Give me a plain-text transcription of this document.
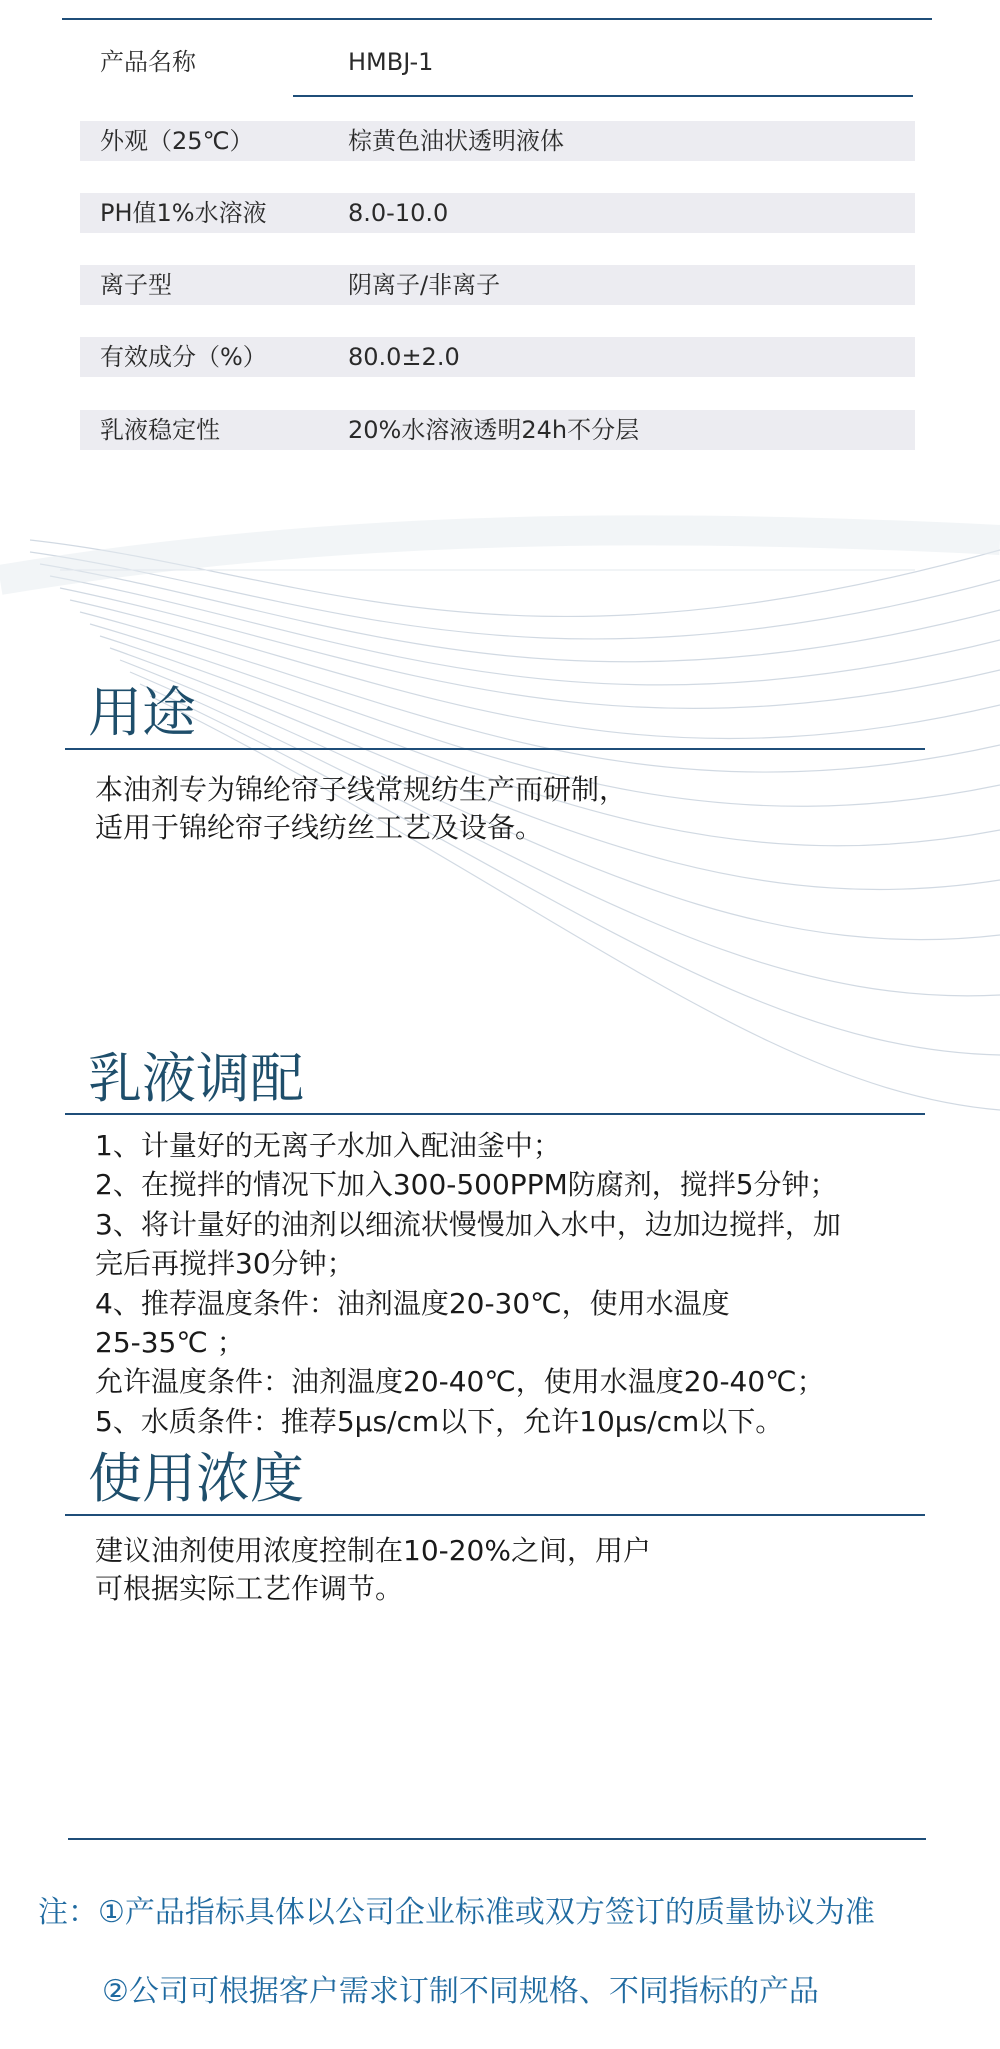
产品名称	HMBJ-1
外观（25℃）	棕黄色油状透明液体
PH值1%水溶液	8.0-10.0
离子型	阴离子/非离子
有效成分（%）	80.0±2.0
乳液稳定性	20%水溶液透明24h不分层
用途
本油剂专为锦纶帘子线常规纺生产而研制，
适用于锦纶帘子线纺丝工艺及设备。
乳液调配
1、计量好的无离子水加入配油釜中；
2、在搅拌的情况下加入300-500PPM防腐剂，搅拌5分钟；
3、将计量好的油剂以细流状慢慢加入水中，边加边搅拌，加
完后再搅拌30分钟；
4、推荐温度条件：油剂温度20-30℃，使用水温度
25-35℃ ；
允许温度条件：油剂温度20-40℃，使用水温度20-40℃；
5、水质条件：推荐5μs/cm以下，允许10μs/cm以下。
使用浓度
建议油剂使用浓度控制在10-20%之间，用户
可根据实际工艺作调节。
注：①产品指标具体以公司企业标准或双方签订的质量协议为准
②公司可根据客户需求订制不同规格、不同指标的产品
